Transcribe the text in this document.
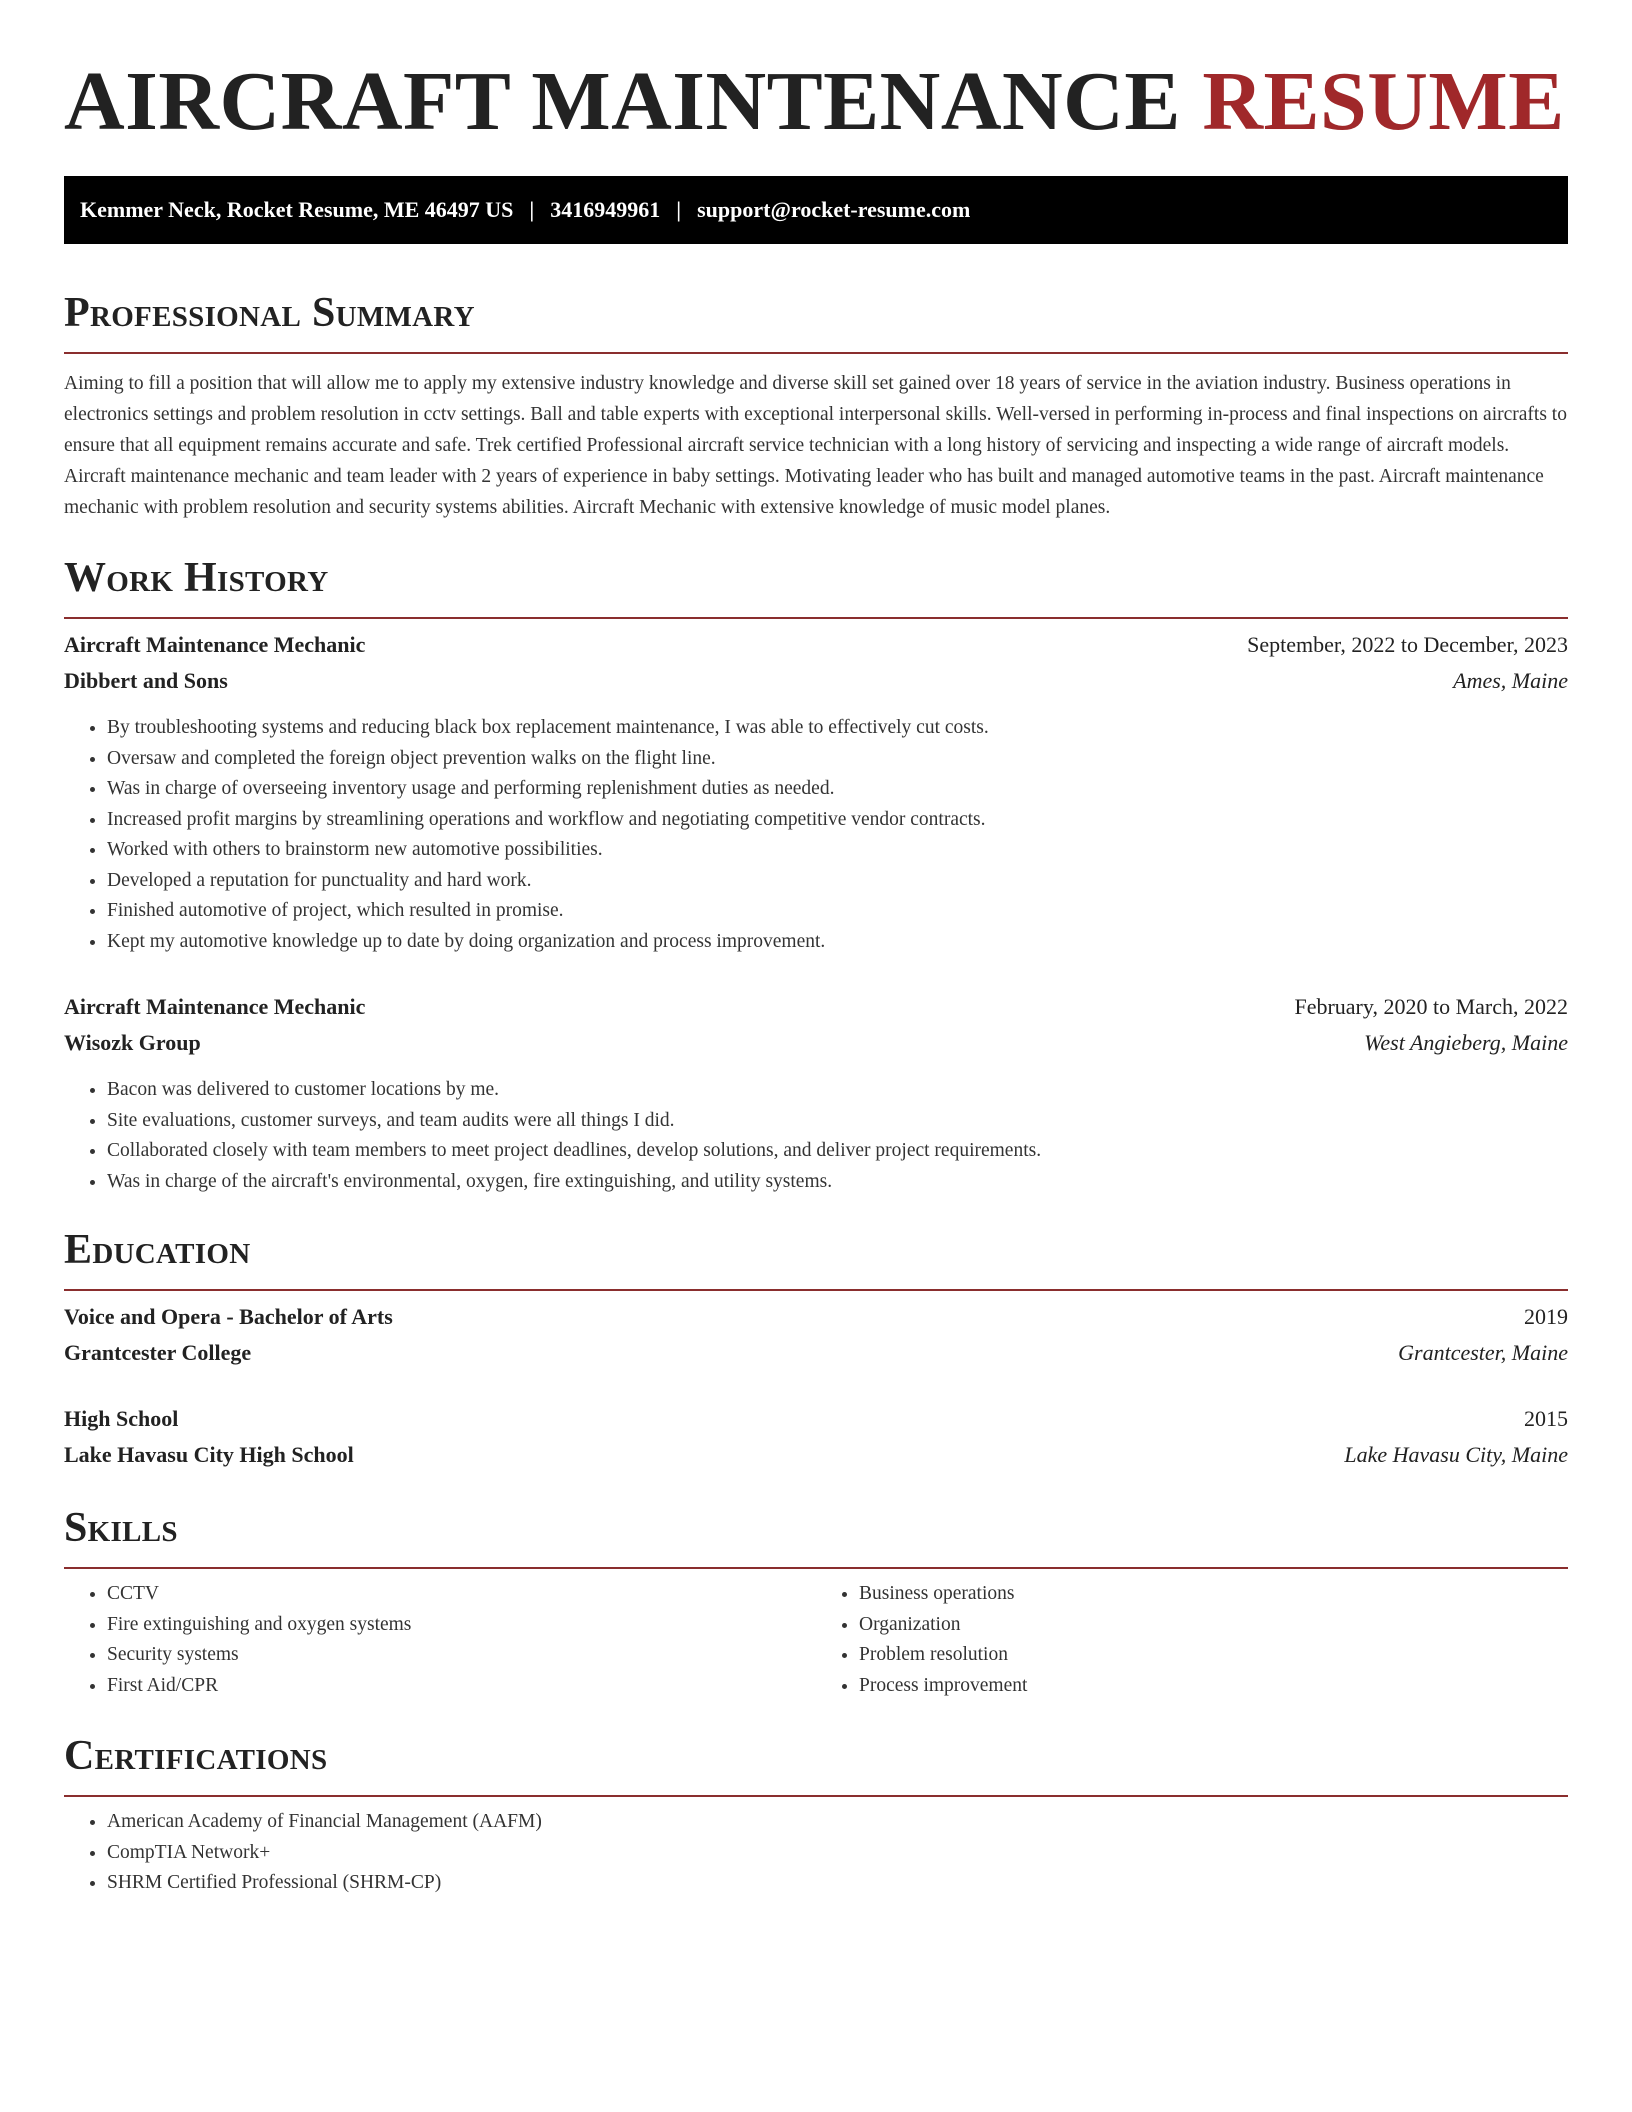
AIRCRAFT MAINTENANCE RESUME
Kemmer Neck, Rocket Resume, ME 46497 US | 3416949961 | support@rocket-resume.com
Professional Summary

Aiming to fill a position that will allow me to apply my extensive industry knowledge and diverse skill set gained over 18 years of service in the aviation industry. Business operations in electronics settings and problem resolution in cctv settings. Ball and table experts with exceptional interpersonal skills. Well-versed in performing in-process and final inspections on aircrafts to ensure that all equipment remains accurate and safe. Trek certified Professional aircraft service technician with a long history of servicing and inspecting a wide range of aircraft models. Aircraft maintenance mechanic and team leader with 2 years of experience in baby settings. Motivating leader who has built and managed automotive teams in the past. Aircraft maintenance mechanic with problem resolution and security systems abilities. Aircraft Mechanic with extensive knowledge of music model planes.

Work History
Aircraft Maintenance Mechanic	September, 2022 to December, 2023
Dibbert and Sons	Ames, Maine
• By troubleshooting systems and reducing black box replacement maintenance, I was able to effectively cut costs.
• Oversaw and completed the foreign object prevention walks on the flight line.
• Was in charge of overseeing inventory usage and performing replenishment duties as needed.
• Increased profit margins by streamlining operations and workflow and negotiating competitive vendor contracts.
• Worked with others to brainstorm new automotive possibilities.
• Developed a reputation for punctuality and hard work.
• Finished automotive of project, which resulted in promise.
• Kept my automotive knowledge up to date by doing organization and process improvement.
Aircraft Maintenance Mechanic	February, 2020 to March, 2022
Wisozk Group	West Angieberg, Maine
• Bacon was delivered to customer locations by me.
• Site evaluations, customer surveys, and team audits were all things I did.
• Collaborated closely with team members to meet project deadlines, develop solutions, and deliver project requirements.
• Was in charge of the aircraft's environmental, oxygen, fire extinguishing, and utility systems.
Education
Voice and Opera - Bachelor of Arts	2019
Grantcester College	Grantcester, Maine
High School	2015
Lake Havasu City High School	Lake Havasu City, Maine
Skills
• CCTV
• Fire extinguishing and oxygen systems
• Security systems
• First Aid/CPR
• Business operations
• Organization
• Problem resolution
• Process improvement
Certifications
• American Academy of Financial Management (AAFM)
• CompTIA Network+
• SHRM Certified Professional (SHRM-CP)
